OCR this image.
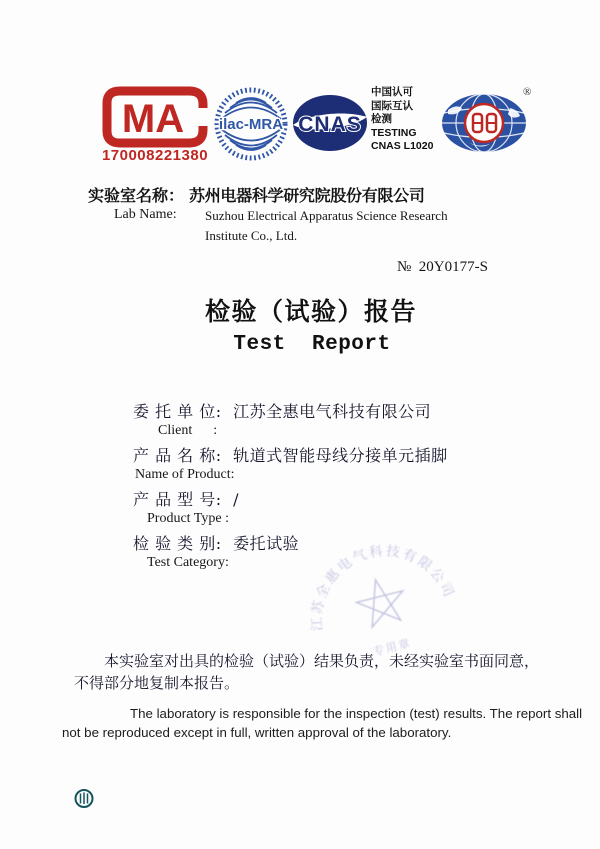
MA
170008221380
ilac-MRA CNAS
中国认可
国际互认
检测
TESTING
CNAS L1020
®
实验室名称： 苏州电器科学研究院股份有限公司
Lab Name: Suzhou Electrical Apparatus Science Research
Institute Co., Ltd.
№  20Y0177-S
检验（试验）报告
Test  Report
委 托 单 位: 江苏全惠电气科技有限公司
Client      :
产 品 名 称: 轨道式智能母线分接单元插脚
Name of Product:
产 品 型 号: /
Product Type :
检 验 类 别: 委托试验
Test Category:
江苏全惠电气科技有限公司
专用章
本实验室对出具的检验（试验）结果负责，未经实验室书面同意，
不得部分地复制本报告。
The laboratory is responsible for the inspection (test) results. The report shall
not be reproduced except in full, written approval of the laboratory.
